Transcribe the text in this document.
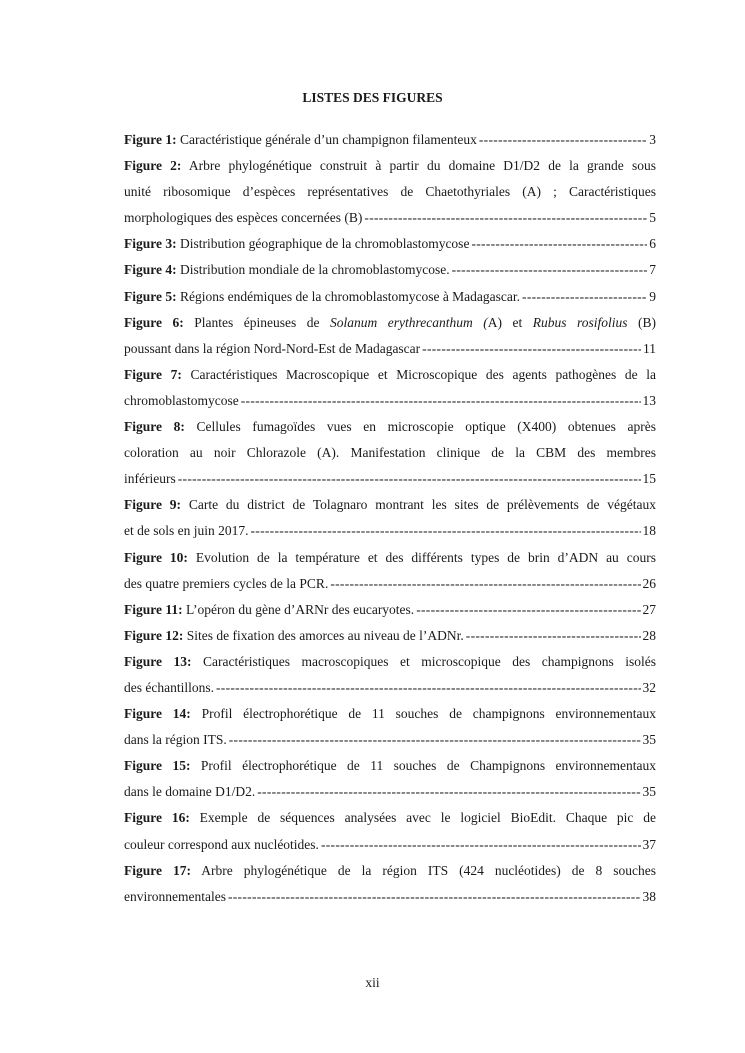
LISTES DES FIGURES
Figure 1: Caractéristique générale d’un champignon filamenteux -----	3
Figure 2: Arbre phylogénétique construit à partir du domaine D1/D2 de la grande sous
unité ribosomique d’espèces représentatives de Chaetothyriales (A) ; Caractéristiques
morphologiques des espèces concernées (B) -----	5
Figure 3: Distribution géographique de la chromoblastomycose -----	6
Figure 4: Distribution mondiale de la chromoblastomycose. -----	7
Figure 5: Régions endémiques de la chromoblastomycose à Madagascar. -----	9
Figure 6: Plantes épineuses de Solanum erythrecanthum (A) et Rubus rosifolius (B)
poussant dans la région Nord-Nord-Est de Madagascar -----	11
Figure 7: Caractéristiques Macroscopique et Microscopique des agents pathogènes de la
chromoblastomycose -----	13
Figure 8: Cellules fumagoïdes vues en microscopie optique (X400) obtenues après
coloration au noir Chlorazole (A). Manifestation clinique de la CBM des membres
inférieurs -----	15
Figure 9: Carte du district de Tolagnaro montrant les sites de prélèvements de végétaux
et de sols en juin 2017. -----	18
Figure 10: Evolution de la température et des différents types de brin d’ADN au cours
des quatre premiers cycles de la PCR. -----	26
Figure 11: L’opéron du gène d’ARNr des eucaryotes. -----	27
Figure 12: Sites de fixation des amorces au niveau de l’ADNr. -----	28
Figure 13: Caractéristiques macroscopiques et microscopique des champignons isolés
des échantillons. -----	32
Figure 14: Profil électrophorétique de 11 souches de champignons environnementaux
dans la région ITS. -----	35
Figure 15: Profil électrophorétique de 11 souches de Champignons environnementaux
dans le domaine D1/D2. -----	35
Figure 16: Exemple de séquences analysées avec le logiciel BioEdit. Chaque pic de
couleur correspond aux nucléotides. -----	37
Figure 17: Arbre phylogénétique de la région ITS (424 nucléotides) de 8 souches
environnementales -----	38
xii
